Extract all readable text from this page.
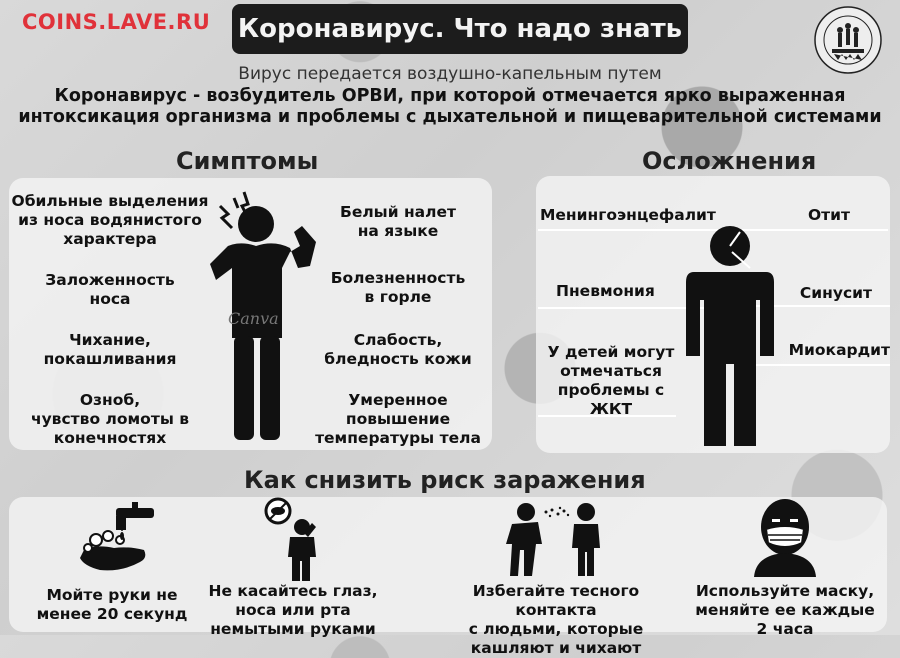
COINS.LAVE.RU Коронавирус. Что надо знать
Вирус передается воздушно-капельным путем
Коронавирус - возбудитель ОРВИ, при которой отмечается ярко выраженная
интоксикация организма и проблемы с дыхательной и пищеварительной системами
Симптомы
Обильные выделения
из носа водянистого
характера
Заложенность
носа
Чихание,
покашливания
Озноб,
чувство ломоты в
конечностях
Белый налет
на языке
Болезненность
в горле
Слабость,
бледность кожи
Умеренное
повышение
температуры тела
Canva
Осложнения
Менингоэнцефалит	Отит
Пневмония	Синусит
Миокардит
У детей могут
отмечаться
проблемы с
ЖКТ
Как снизить риск заражения
Мойте руки не
менее 20 секунд
Не касайтесь глаз,
носа или рта
немытыми руками
Избегайте тесного контакта
с людьми, которые
кашляют и чихают
Используйте маску,
меняйте ее каждые
2 часа
